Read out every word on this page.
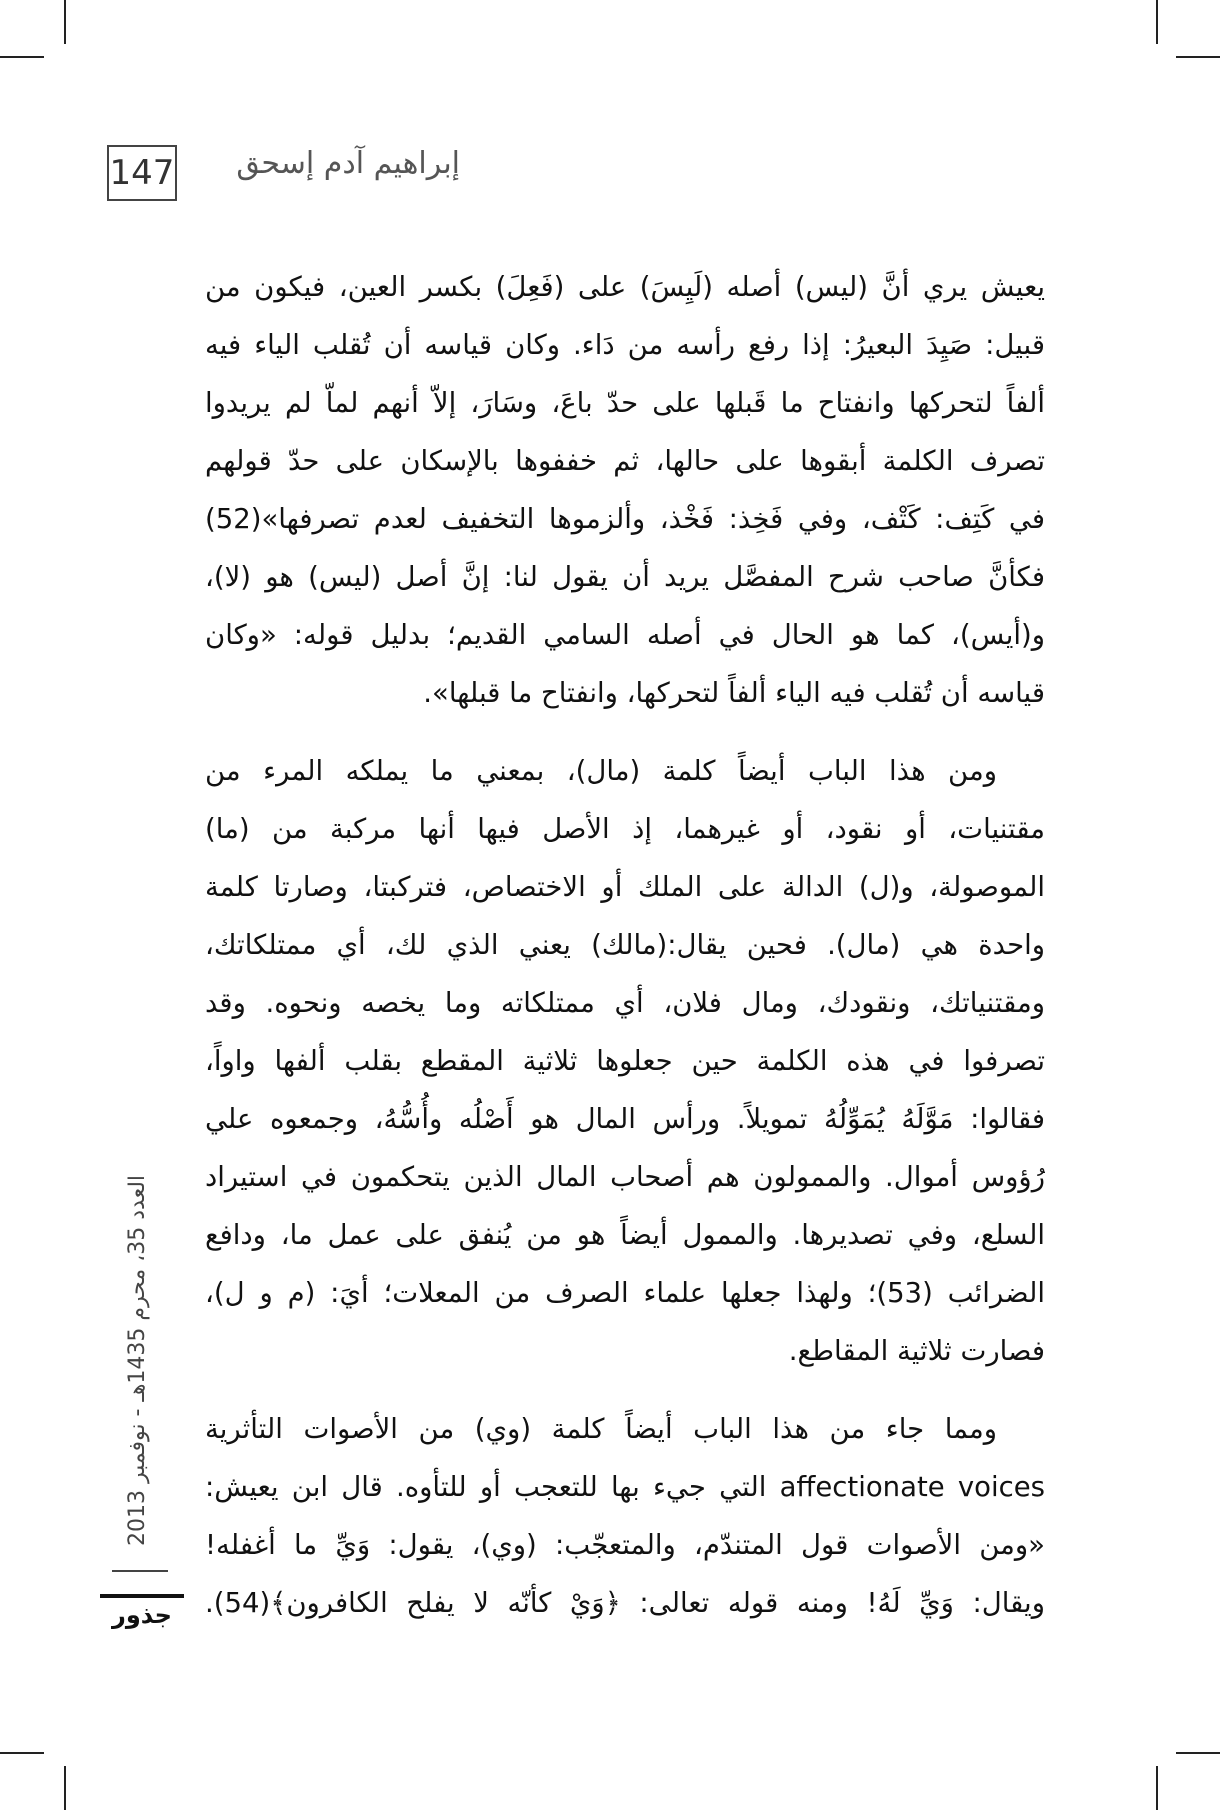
147 إبراهيم آدم إسحق
يعيش يري أنَّ (ليس) أصله (لَيِسَ) على (فَعِلَ) بكسر العين، فيكون من
قبيل: صَيِدَ البعيرُ: إذا رفع رأسه من دَاء. وكان قياسه أن تُقلب الياء فيه
ألفاً لتحركها وانفتاح ما قَبلها على حدّ باعَ، وسَارَ، إلاّ أنهم لماّ لم يريدوا
تصرف الكلمة أبقوها على حالها، ثم خففوها بالإسكان على حدّ قولهم
في كَتِف: كَتْف، وفي فَخِذ: فَخْذ، وألزموها التخفيف لعدم تصرفها»(52)
فكأنَّ صاحب شرح المفصَّل يريد أن يقول لنا: إنَّ أصل (ليس) هو (لا)،
و(أيس)، كما هو الحال في أصله السامي القديم؛ بدليل قوله: «وكان
قياسه أن تُقلب فيه الياء ألفاً لتحركها، وانفتاح ما قبلها».
ومن هذا الباب أيضاً كلمة (مال)، بمعني ما يملكه المرء من
مقتنيات، أو نقود، أو غيرهما، إذ الأصل فيها أنها مركبة من (ما)
الموصولة، و(ل) الدالة على الملك أو الاختصاص، فتركبتا، وصارتا كلمة
واحدة هي (مال). فحين يقال:(مالك) يعني الذي لك، أي ممتلكاتك،
ومقتنياتك، ونقودك، ومال فلان، أي ممتلكاته وما يخصه ونحوه. وقد
تصرفوا في هذه الكلمة حين جعلوها ثلاثية المقطع بقلب ألفها واواً،
فقالوا: مَوَّلَهُ يُمَوِّلُهُ تمويلاً. ورأس المال هو أَصْلُه وأُسُّهُ، وجمعوه علي
رُؤوس أموال. والممولون هم أصحاب المال الذين يتحكمون في استيراد
السلع، وفي تصديرها. والممول أيضاً هو من يُنفق على عمل ما، ودافع
الضرائب (53)؛ ولهذا جعلها علماء الصرف من المعلات؛ أيَ: (م و ل)،
فصارت ثلاثية المقاطع.
ومما جاء من هذا الباب أيضاً كلمة (وي) من الأصوات التأثرية
affectionate voices التي جيء بها للتعجب أو للتأوه. قال ابن يعيش:
«ومن الأصوات قول المتندّم، والمتعجّب: (وي)، يقول: وَيِّ ما أغفله!
ويقال: وَيِّ لَهُ! ومنه قوله تعالى: ﴿وَيْ كأنّه لا يفلح الكافرون﴾(54).
العدد 35، محرم 1435هـ - نوفمبر 2013
جذور
